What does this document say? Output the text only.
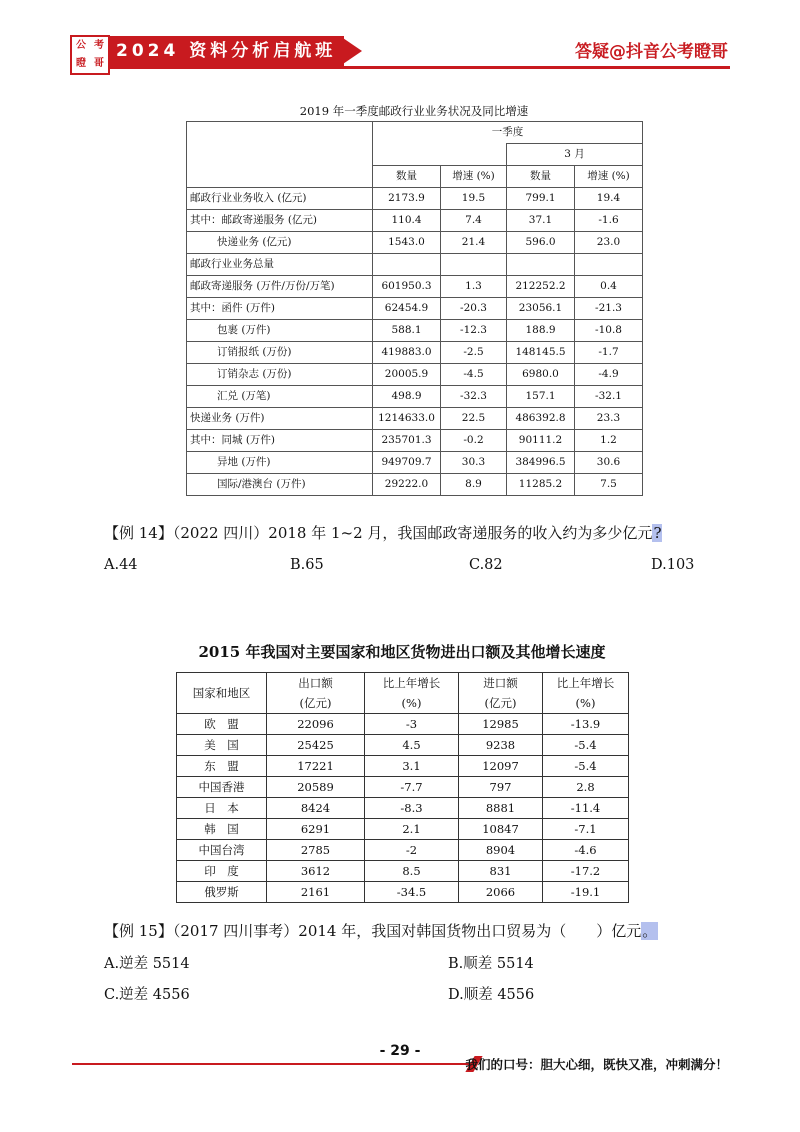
公 考
瞪 哥
2024 资料分析启航班	答疑@抖音公考瞪哥
2019 年一季度邮政行业业务状况及同比增速
	一季度			
			3 月	
	数量	增速 (%)	数量	增速 (%)
邮政行业业务收入 (亿元)	2173.9	19.5	799.1	19.4
其中：邮政寄递服务 (亿元)	110.4	7.4	37.1	-1.6
快递业务 (亿元)	1543.0	21.4	596.0	23.0
邮政行业业务总量				
邮政寄递服务 (万件/万份/万笔)	601950.3	1.3	212252.2	0.4
其中：函件 (万件)	62454.9	-20.3	23056.1	-21.3
包裹 (万件)	588.1	-12.3	188.9	-10.8
订销报纸 (万份)	419883.0	-2.5	148145.5	-1.7
订销杂志 (万份)	20005.9	-4.5	6980.0	-4.9
汇兑 (万笔)	498.9	-32.3	157.1	-32.1
快递业务 (万件)	1214633.0	22.5	486392.8	23.3
其中：同城 (万件)	235701.3	-0.2	90111.2	1.2
异地 (万件)	949709.7	30.3	384996.5	30.6
国际/港澳台 (万件)	29222.0	8.9	11285.2	7.5
【例 14】（2022 四川）2018 年 1~2 月，我国邮政寄递服务的收入约为多少亿元?
A.44	B.65	C.82	D.103
2015 年我国对主要国家和地区货物进出口额及其他增长速度
国家和地区	出口额	比上年增长	进口额	比上年增长
	(亿元)	(%)	(亿元)	(%)
欧　盟	22096	-3	12985	-13.9
美　国	25425	4.5	9238	-5.4
东　盟	17221	3.1	12097	-5.4
中国香港	20589	-7.7	797	2.8
日　本	8424	-8.3	8881	-11.4
韩　国	6291	2.1	10847	-7.1
中国台湾	2785	-2	8904	-4.6
印　度	3612	8.5	831	-17.2
俄罗斯	2161	-34.5	2066	-19.1
【例 15】（2017 四川事考）2014 年，我国对韩国货物出口贸易为（　　）亿元。
A.逆差 5514	B.顺差 5514
C.逆差 4556	D.顺差 4556
- 29 -
我们的口号：胆大心细，既快又准，冲刺满分！
